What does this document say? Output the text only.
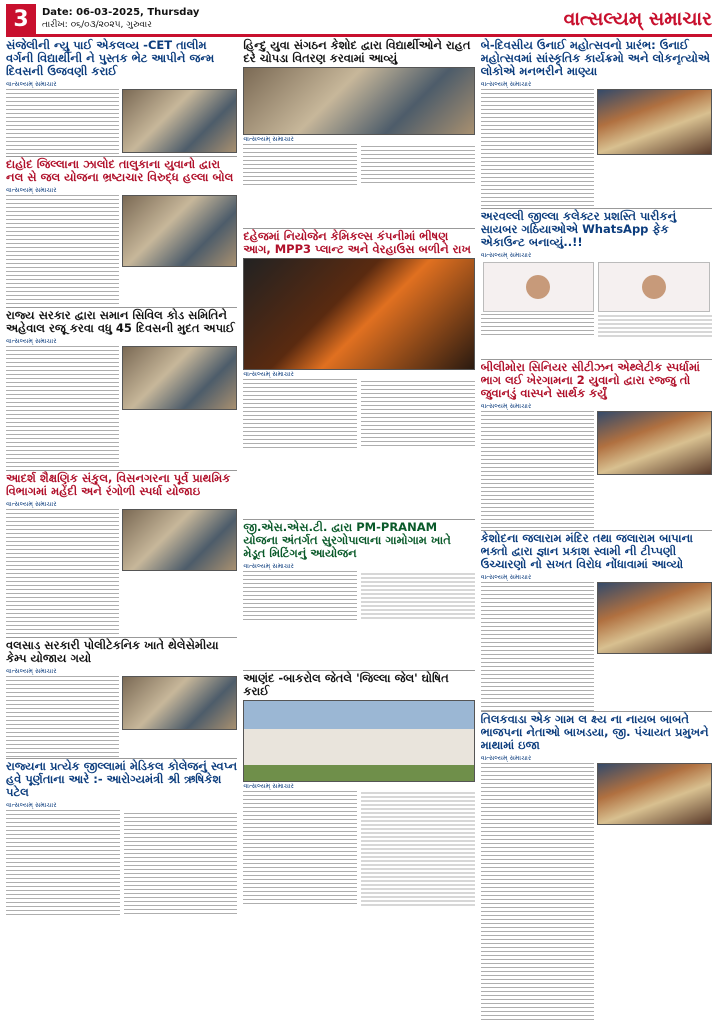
3	Date: 06-03-2025, Thursday
તારીખ: ૦૬/૦૩/૨૦૨૫, ગુરુવાર	વાત્સલ્યમ્ સમાચાર
સંજેલીની ન્યુ પાઈ એકલવ્ય -CET તાલીમ વર્ગની વિદ્યાર્થીની ને પુસ્તક ભેટ આપીને જન્મ દિવસની ઉજવણી કરાઈ
વાત્સલ્યમ્ સમાચાર
દાહોદ જિલ્લાના ઝાલોદ તાલુકાના યુવાનો દ્વારા નલ સે જલ યોજના ભ્રષ્ટાચાર વિરુદ્ધ હલ્લા બોલ
વાત્સલ્યમ્ સમાચાર
રાજ્ય સરકાર દ્વારા સમાન સિવિલ કોડ સમિતિને અહેવાલ રજૂ કરવા વધુ 45 દિવસની મુદત અપાઈ
વાત્સલ્યમ્ સમાચાર
આદર્શ શૈક્ષણિક સંકુલ, વિસનગરના પૂર્વ પ્રાથમિક વિભાગમાં મહેંદી અને રંગોળી સ્પર્ધા યોજાઇ
વાત્સલ્યમ્ સમાચાર
વલસાડ સરકારી પોલીટેકનિક ખાતે થેલેસેમીયા કેમ્પ યોજાય ગયો
વાત્સલ્યમ્ સમાચાર
રાજ્યના પ્રત્યેક જીલ્લામાં મેડિકલ કોલેજનું સ્વપ્ન હવે પૂર્ણતાના આરે :- આરોગ્યમંત્રી શ્રી ઋષિકેશ પટેલ
વાત્સલ્યમ્ સમાચાર
હિન્દુ યુવા સંગઠન કેશોદ દ્વારા વિદ્યાર્થીઓને રાહત દરે ચોપડા વિતરણ કરવામાં આવ્યું
વાત્સલ્યમ્ સમાચાર
દહેજમાં નિયોજેન કેમિકલ્સ કંપનીમાં ભીષણ આગ, MPP3 પ્લાન્ટ અને વેરહાઉસ બળીને રાખ
વાત્સલ્યમ્ સમાચાર
જી.એસ.એસ.ટી. દ્વારા PM-PRANAM યોજના અંતર્ગત સુરગોપાલાના ગામોગામ ખાતે મેડૂત મિટિંગનું આયોજન
વાત્સલ્યમ્ સમાચાર
આણંદ -બાકરોલ જેતલે 'જિલ્લા જેલ' ઘોષિત કરાઈ
વાત્સલ્યમ્ સમાચાર
બે-દિવસીય ઉનાઈ મહોત્સવનો પ્રારંભ: ઉનાઈ મહોત્સવમાં સાંસ્કૃતિક કાર્યક્રમો અને લોકનૃત્યોએ લોકોએ મનભરીને માણ્યા
વાત્સલ્યમ્ સમાચાર
અરવલ્લી જીલ્લા કલેક્ટર પ્રશસ્તિ પારીકનું સાયબર ગઠિયાઓએ WhatsApp ફેક એકાઉન્ટ બનાવ્યું..!!
વાત્સલ્યમ્ સમાચાર
બીલીમોરા સિનિયર સીટીઝન એથ્લેટીક સ્પર્ધામાં ભાગ લઈ ખેરગામના 2 યુવાનો દ્વારા રજ્જુ તો જુવાનડું વાસ્પને સાર્થક કર્યું
વાત્સલ્યમ્ સમાચાર
કેશોદના જલારામ મંદિર તથા જલારામ બાપાના ભક્તો દ્વારા જ્ઞાન પ્રકાશ સ્વામી ની ટીપ્પણી ઉચ્ચારણો નો સખત વિરોધ નોંધાવામાં આવ્યો
વાત્સલ્યમ્ સમાચાર
તિલકવાડા એક ગામ લ ક્ષ્ય ના નાયબ બાબતે ભાજપના નેતાઓ બાખડયા, જી. પંચાયત પ્રમુખને માથામાં ઇજા
વાત્સલ્યમ્ સમાચાર
